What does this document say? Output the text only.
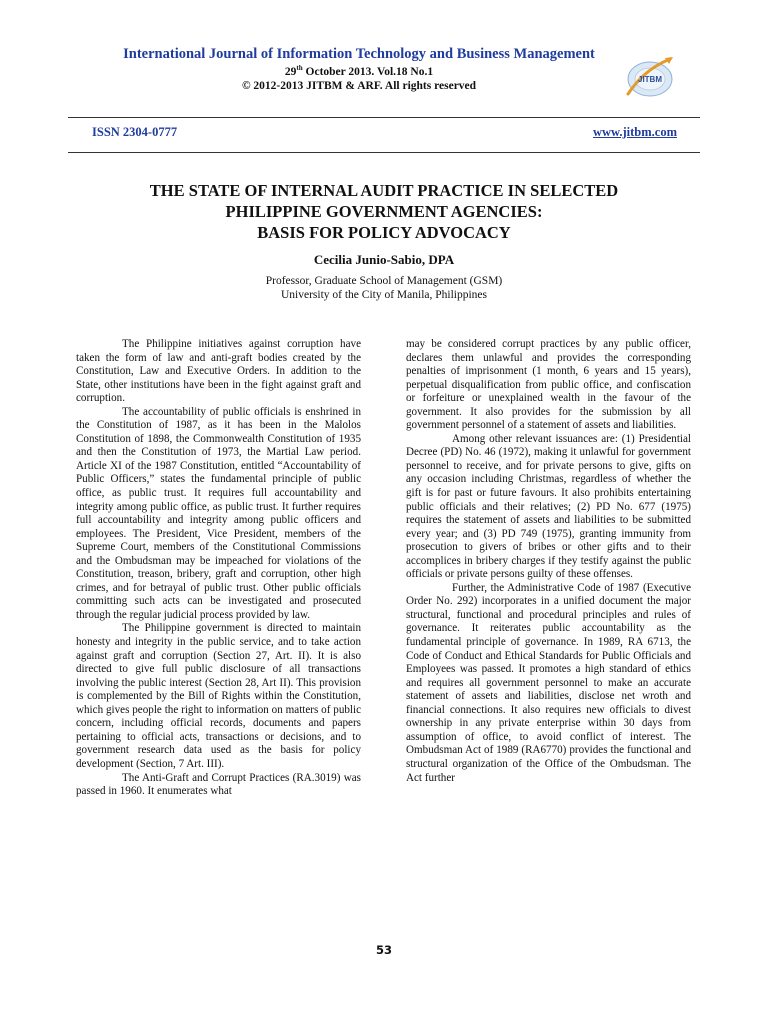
International Journal of Information Technology and Business Management
29th October 2013. Vol.18 No.1
© 2012-2013 JITBM & ARF. All rights reserved
JITBM
ISSN 2304-0777	www.jitbm.com
THE STATE OF INTERNAL AUDIT PRACTICE IN SELECTED
PHILIPPINE GOVERNMENT AGENCIES:
BASIS FOR POLICY ADVOCACY
Cecilia Junio-Sabio, DPA
Professor, Graduate School of Management (GSM)
University of the City of Manila, Philippines

The Philippine initiatives against corruption have taken the form of law and anti-graft bodies created by the Constitution, Law and Executive Orders. In addition to the State, other institutions have been in the fight against graft and corruption.

The accountability of public officials is enshrined in the Constitution of 1987, as it has been in the Malolos Constitution of 1898, the Commonwealth Constitution of 1935 and then the Constitution of 1973, the Martial Law period. Article XI of the 1987 Constitution, entitled “Accountability of Public Officers,” states the fundamental principle of public office, as public trust. It requires full accountability and integrity among public office, as public trust. It further requires full accountability and integrity among public officers and employees. The President, Vice President, members of the Supreme Court, members of the Constitutional Commissions and the Ombudsman may be impeached for violations of the Constitution, treason, bribery, graft and corruption, other high crimes, and for betrayal of public trust. Other public officials committing such acts can be investigated and prosecuted through the regular judicial process provided by law.

The Philippine government is directed to maintain honesty and integrity in the public service, and to take action against graft and corruption (Section 27, Art. II). It is also directed to give full public disclosure of all transactions involving the public interest (Section 28, Art II). This provision is complemented by the Bill of Rights within the Constitution, which gives people the right to information on matters of public concern, including official records, documents and papers pertaining to official acts, transactions or decisions, and to government research data used as the basis for policy development (Section, 7 Art. III).

The Anti-Graft and Corrupt Practices (RA.3019) was passed in 1960. It enumerates what

may be considered corrupt practices by any public officer, declares them unlawful and provides the corresponding penalties of imprisonment (1 month, 6 years and 15 years), perpetual disqualification from public office, and confiscation or forfeiture or unexplained wealth in the favour of the government. It also provides for the submission by all government personnel of a statement of assets and liabilities.

Among other relevant issuances are: (1) Presidential Decree (PD) No. 46 (1972), making it unlawful for government personnel to receive, and for private persons to give, gifts on any occasion including Christmas, regardless of whether the gift is for past or future favours. It also prohibits entertaining public officials and their relatives; (2) PD No. 677 (1975) requires the statement of assets and liabilities to be submitted every year; and (3) PD 749 (1975), granting immunity from prosecution to givers of bribes or other gifts and to their accomplices in bribery charges if they testify against the public officials or private persons guilty of these offenses.

Further, the Administrative Code of 1987 (Executive Order No. 292) incorporates in a unified document the major structural, functional and procedural principles and rules of governance. It reiterates public accountability as the fundamental principle of governance. In 1989, RA 6713, the Code of Conduct and Ethical Standards for Public Officials and Employees was passed. It promotes a high standard of ethics and requires all government personnel to make an accurate statement of assets and liabilities, disclose net wroth and financial connections. It also requires new officials to divest ownership in any private enterprise within 30 days from assumption of office, to avoid conflict of interest. The Ombudsman Act of 1989 (RA6770) provides the functional and structural organization of the Office of the Ombudsman. The Act further

53
